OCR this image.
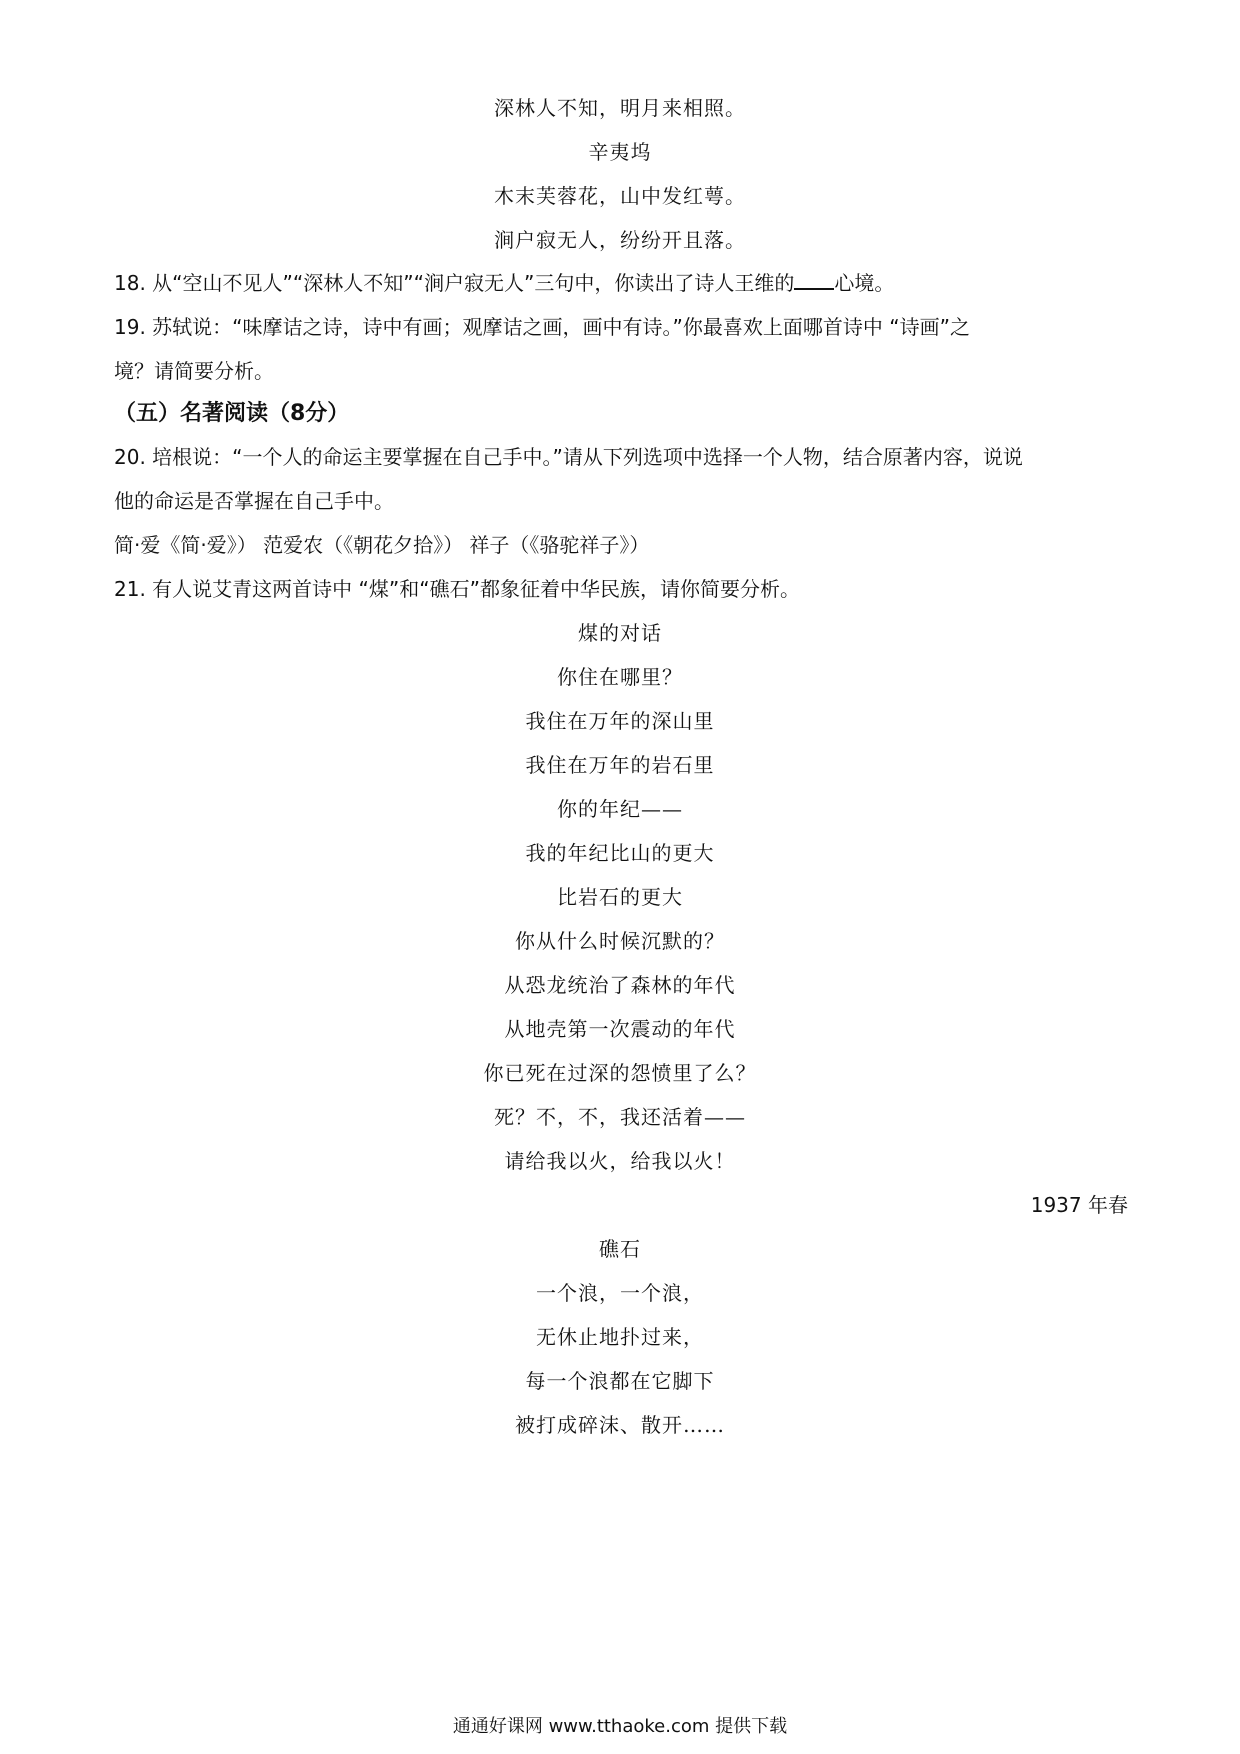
深林人不知，明月来相照。
辛夷坞
木末芙蓉花，山中发红萼。
涧户寂无人，纷纷开且落。
18. 从“空山不见人”“深林人不知”“涧户寂无人”三句中，你读出了诗人王维的 心境。
19. 苏轼说：“味摩诘之诗，诗中有画；观摩诘之画，画中有诗。”你最喜欢上面哪首诗中 “诗画”之
境？请简要分析。
（五）名著阅读（8分）
20. 培根说：“一个人的命运主要掌握在自己手中。”请从下列选项中选择一个人物，结合原著内容，说说
他的命运是否掌握在自己手中。
简·爱《简·爱》） 范爱农（《朝花夕拾》） 祥子（《骆驼祥子》）
21. 有人说艾青这两首诗中 “煤”和“礁石”都象征着中华民族，请你简要分析。
煤的对话
你住在哪里？
我住在万年的深山里
我住在万年的岩石里
你的年纪——
我的年纪比山的更大
比岩石的更大
你从什么时候沉默的？
从恐龙统治了森林的年代
从地壳第一次震动的年代
你已死在过深的怨愤里了么？
死？不，不，我还活着——
请给我以火，给我以火！
1937 年春
礁石
一个浪，一个浪，
无休止地扑过来，
每一个浪都在它脚下
被打成碎沫、散开……
通通好课网 www.tthaoke.com 提供下载
